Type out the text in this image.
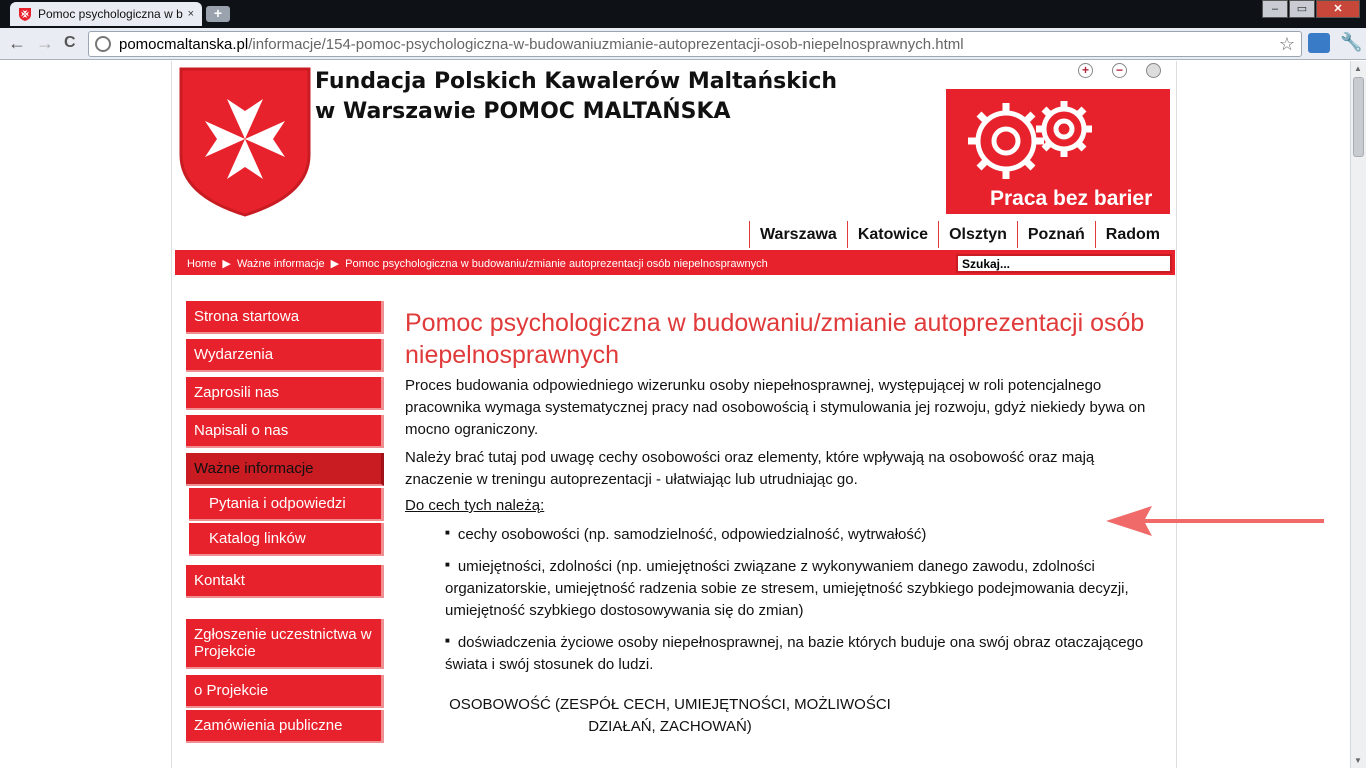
Pomoc psychologiczna w b ×	+	–	▭	✕
← → C	pomocmaltanska.pl /informacje/154-pomoc-psychologiczna-w-budowaniuzmianie-autoprezentacji-osob-niepelnosprawnych.html	☆	🔧
Fundacja Polskich Kawalerów Maltańskich
w Warszawie POMOC MALTAŃSKA
+	−
Praca bez barier
Warszawa	Katowice	Olsztyn	Poznań	Radom
Home ▶ Ważne informacje ▶ Pomoc psychologiczna w budowaniu/zmianie autoprezentacji osób niepelnosprawnych	Szukaj...
Strona startowa
Wydarzenia
Zaprosili nas
Napisali o nas
Ważne informacje
Pytania i odpowiedzi
Katalog linków
Kontakt
Zgłoszenie uczestnictwa w Projekcie
o Projekcie
Zamówienia publiczne
Pomoc psychologiczna w budowaniu/zmianie autoprezentacji osób niepelnosprawnych

Proces budowania odpowiedniego wizerunku osoby niepełnosprawnej, występującej w roli potencjalnego pracownika wymaga systematycznej pracy nad osobowością i stymulowania jej rozwoju, gdyż niekiedy bywa on mocno ograniczony.

Należy brać tutaj pod uwagę cechy osobowości oraz elementy, które wpływają na osobowość oraz mają znaczenie w treningu autoprezentacji - ułatwiając lub utrudniając go.

Do cech tych należą:

■ cechy osobowości (np. samodzielność, odpowiedzialność, wytrwałość)
■ umiejętności, zdolności (np. umiejętności związane z wykonywaniem danego zawodu, zdolności organizatorskie, umiejętność radzenia sobie ze stresem, umiejętność szybkiego podejmowania decyzji, umiejętność szybkiego dostosowywania się do zmian)
■ doświadczenia życiowe osoby niepełnosprawnej, na bazie których buduje ona swój obraz otaczającego świata i swój stosunek do ludzi.
OSOBOWOŚĆ (ZESPÓŁ CECH, UMIEJĘTNOŚCI, MOŻLIWOŚCI
DZIAŁAŃ, ZACHOWAŃ)
▲
▼
